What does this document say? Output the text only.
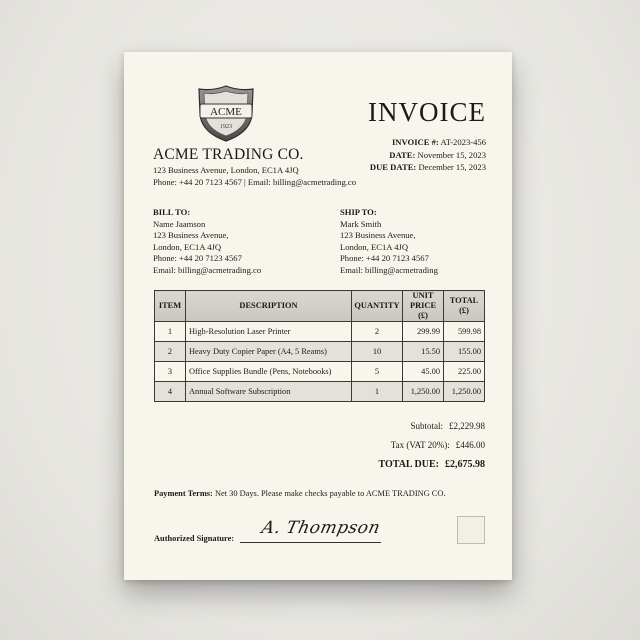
ACME
1923
ACME TRADING CO.
123 Business Avenue, London, EC1A 4JQ
Phone: +44 20 7123 4567 | Email: billing@acmetrading.co
INVOICE
INVOICE #: AT-2023-456
DATE: November 15, 2023
DUE DATE: December 15, 2023
BILL TO:
Name Jaamson
123 Business Avenue,
London, EC1A 4JQ
Phone: +44 20 7123 4567
Email: billing@acmetrading.co
SHIP TO:
Mark Smith
123 Business Avenue,
London, EC1A 4JQ
Phone: +44 20 7123 4567
Email: billing@acmetrading
ITEM	DESCRIPTION	QUANTITY	UNIT PRICE (£)	TOTAL (£)
1	High-Resolution Laser Printer	2	299.99	599.98
2	Heavy Duty Copier Paper (A4, 5 Reams)	10	15.50	155.00
3	Office Supplies Bundle (Pens, Notebooks)	5	45.00	225.00
4	Annual Software Subscription	1	1,250.00	1,250.00
Subtotal: £2,229.98
Tax (VAT 20%): £446.00
TOTAL DUE: £2,675.98
Payment Terms: Net 30 Days. Please make checks payable to ACME TRADING CO.
Authorized Signature:
A. Thompson
